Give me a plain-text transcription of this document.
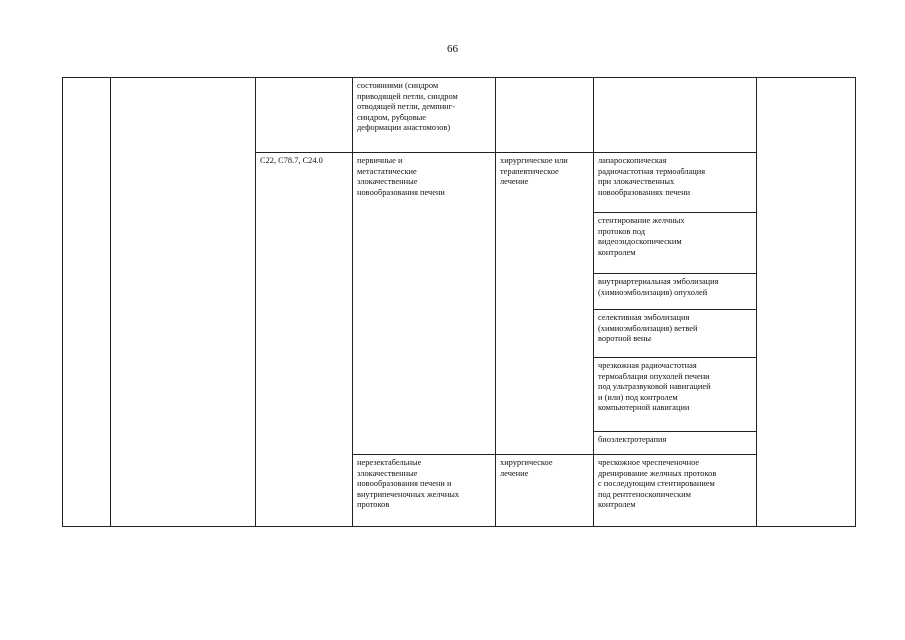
66

			состояниями (синдром
приводящей петли, синдром
отводящей петли, демпинг-
синдром, рубцовые
деформации анастомозов)			

		C22, C78.7, C24.0	первичные и
метастатические
злокачественные
новообразования печени	хирургическое или
терапевтическое
лечение	лапароскопическая
радиочастотная термоаблация
при злокачественных
новообразованиях печени	

					стентирование желчных
протоков под
видеоэндоскопическим
контролем	

					внутриартериальная эмболизация
(химиоэмболизация) опухолей	

					селективная эмболизация
(химиоэмболизация) ветвей
воротной вены	

					чрезкожная радиочастотная
термоаблация опухолей печени
под ультразвуковой навигацией
и (или) под контролем
компьютерной навигации	

					биоэлектротерапия	

			нерезектабельные
злокачественные
новообразования печени и
внутрипеченочных желчных
протоков	хирургическое
лечение	чрескожное чреспеченочное
дренирование желчных протоков
с последующим стентированием
под рентгеноскопическим
контролем	
